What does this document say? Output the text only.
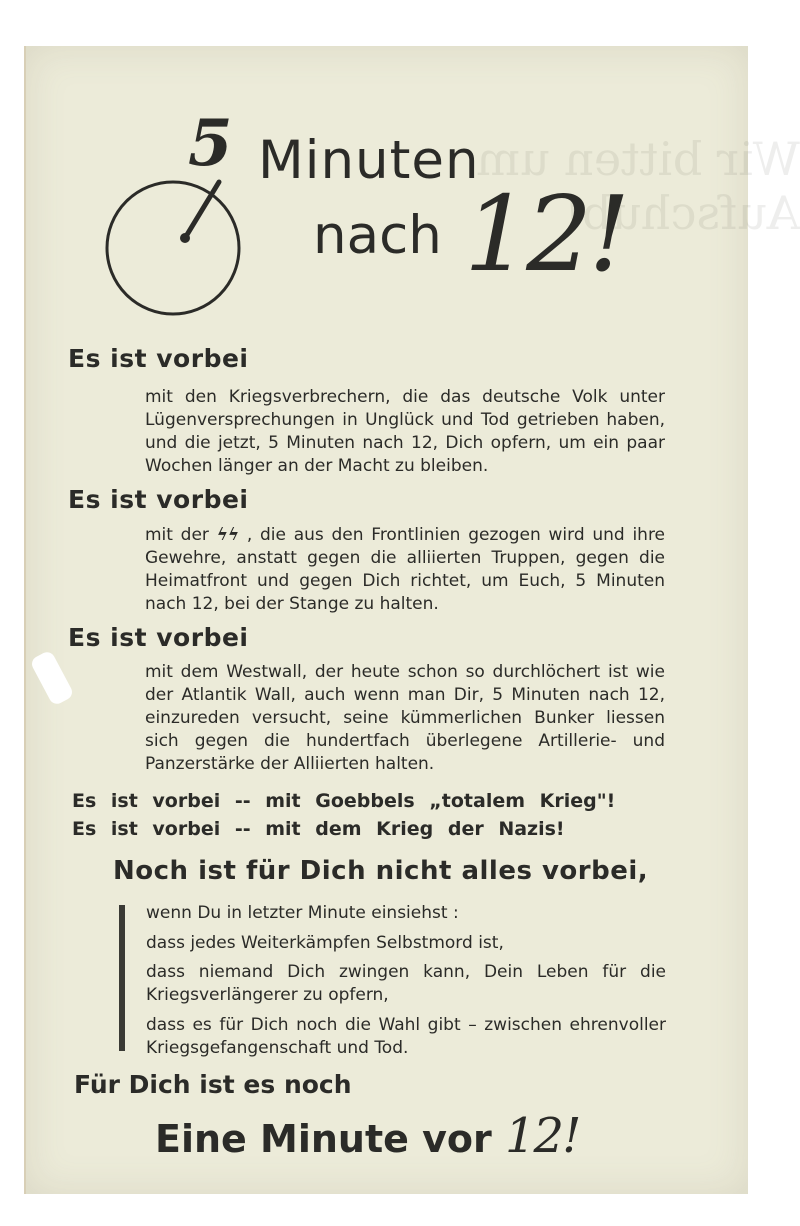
Wir bitten um Aufschub!
5 Minuten
nach 12!
Es ist vorbei
mit den Kriegsverbrechern, die das deutsche Volk unter Lügenversprechungen in Unglück und Tod getrieben haben, und die jetzt, 5 Minuten nach 12, Dich opfern, um ein paar Wochen länger an der Macht zu bleiben.
Es ist vorbei
mit der ϟϟ , die aus den Frontlinien gezogen wird und ihre Gewehre, anstatt gegen die alliierten Truppen, gegen die Heimatfront und gegen Dich richtet, um Euch, 5 Minuten nach 12, bei der Stange zu halten.
Es ist vorbei
mit dem Westwall, der heute schon so durchlöchert ist wie der Atlantik Wall, auch wenn man Dir, 5 Minuten nach 12, einzureden versucht, seine kümmerlichen Bunker liessen sich gegen die hundertfach überlegene Artillerie- und Panzerstärke der Alliierten halten.
Es ist vorbei -- mit Goebbels „totalem Krieg"!
Es ist vorbei -- mit dem Krieg der Nazis!
Noch ist für Dich nicht alles vorbei,
wenn Du in letzter Minute einsiehst :
dass jedes Weiterkämpfen Selbstmord ist,
dass niemand Dich zwingen kann, Dein Leben für die Kriegsverlängerer zu opfern,
dass es für Dich noch die Wahl gibt – zwischen ehrenvoller Kriegsgefangenschaft und Tod.
Für Dich ist es noch
Eine Minute vor 12!
